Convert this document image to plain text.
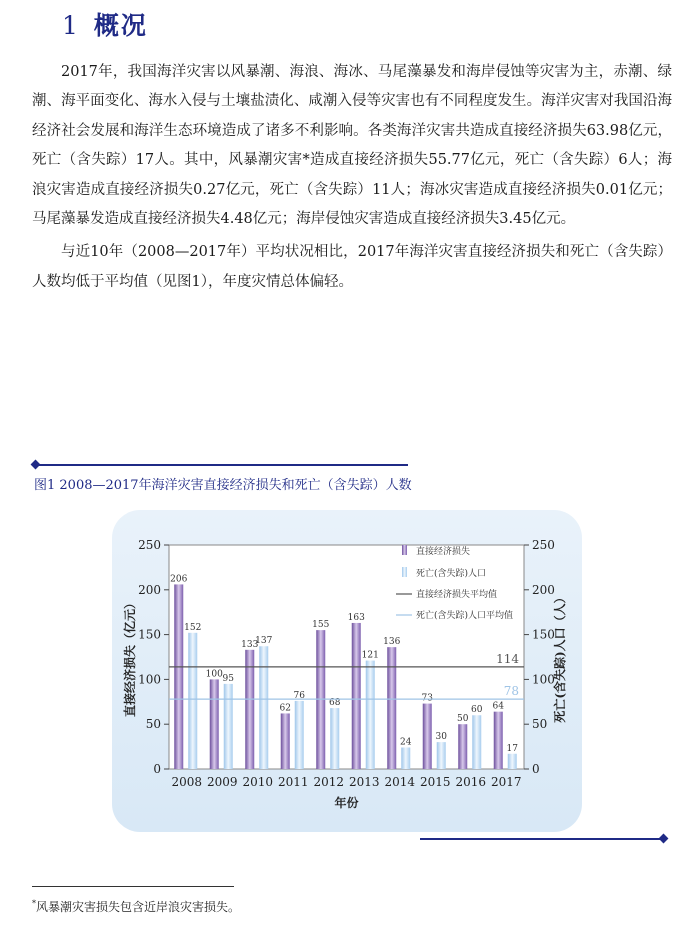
1 概况

2017年，我国海洋灾害以风暴潮、海浪、海冰、马尾藻暴发和海岸侵蚀等灾害为主，赤潮、绿潮、海平面变化、海水入侵与土壤盐渍化、咸潮入侵等灾害也有不同程度发生。海洋灾害对我国沿海经济社会发展和海洋生态环境造成了诸多不利影响。各类海洋灾害共造成直接经济损失63.98亿元，死亡（含失踪）17人。其中，风暴潮灾害*造成直接经济损失55.77亿元，死亡（含失踪）6人；海浪灾害造成直接经济损失0.27亿元，死亡（含失踪）11人；海冰灾害造成直接经济损失0.01亿元；马尾藻暴发造成直接经济损失4.48亿元；海岸侵蚀灾害造成直接经济损失3.45亿元。

与近10年（2008—2017年）平均状况相比，2017年海洋灾害直接经济损失和死亡（含失踪）人数均低于平均值（见图1），年度灾情总体偏轻。

图1 2008—2017年海洋灾害直接经济损失和死亡（含失踪）人数
0	0
50	50
100	100
150	150
200	200
250	250
206
152
2008
100 95
2009
133
137
2010
62
76
2011
155
68
2012
163
121
2013
136
24
2014
73
30
2015
50
60
2016
64
17
2017
114
78
直接经济损失
死亡(含失踪)人口
直接经济损失平均值
死亡(含失踪)人口平均值
年份
直接经济损失（亿元）	死亡(含失踪)人口（人）
*风暴潮灾害损失包含近岸浪灾害损失。
